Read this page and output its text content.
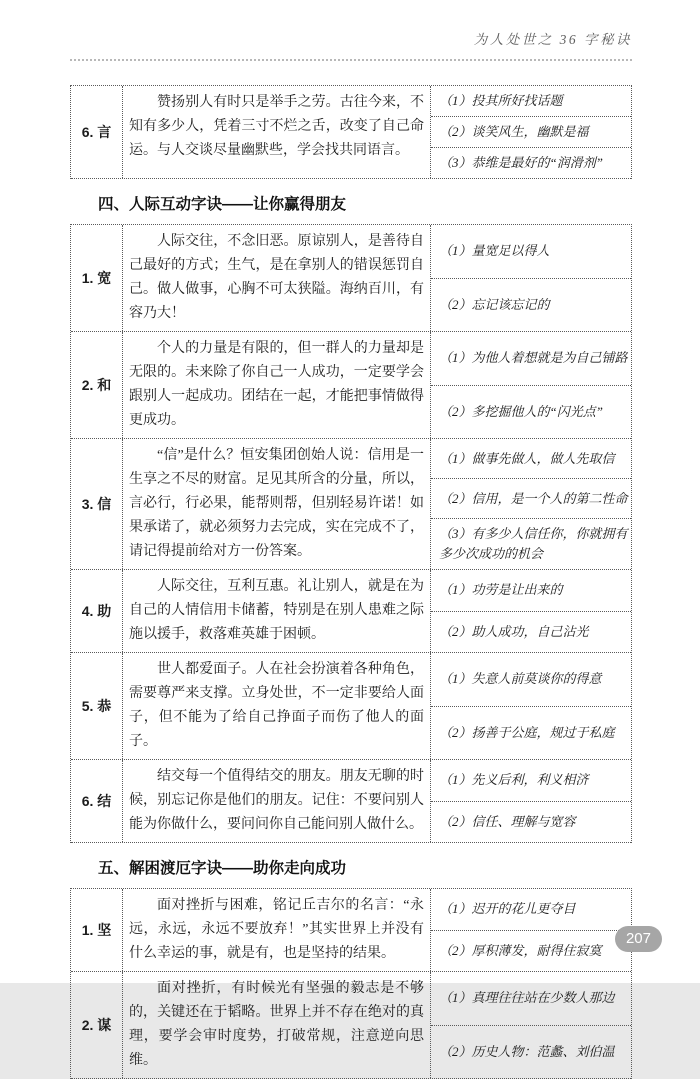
为人处世之 36 字秘诀
6. 言
赞扬别人有时只是举手之劳。古往今来，不知有多少人，凭着三寸不烂之舌，改变了自己命运。与人交谈尽量幽默些，学会找共同语言。
（1）投其所好找话题
（2）谈笑风生，幽默是福
（3）恭维是最好的“润滑剂”
四、人际互动字诀——让你赢得朋友
1. 宽
人际交往，不念旧恶。原谅别人，是善待自己最好的方式；生气，是在拿别人的错误惩罚自己。做人做事，心胸不可太狭隘。海纳百川，有容乃大！
（1）量宽足以得人
（2）忘记该忘记的
2. 和
个人的力量是有限的，但一群人的力量却是无限的。未来除了你自己一人成功，一定要学会跟别人一起成功。团结在一起，才能把事情做得更成功。
（1）为他人着想就是为自己铺路
（2）多挖掘他人的“闪光点”
3. 信
“信”是什么？恒安集团创始人说：信用是一生享之不尽的财富。足见其所含的分量，所以，言必行，行必果，能帮则帮，但别轻易许诺！如果承诺了，就必须努力去完成，实在完成不了，请记得提前给对方一份答案。
（1）做事先做人，做人先取信
（2）信用，是一个人的第二性命
（3）有多少人信任你，你就拥有多少次成功的机会
4. 助
人际交往，互利互惠。礼让别人，就是在为自己的人情信用卡储蓄，特别是在别人患难之际施以援手，救落难英雄于困顿。
（1）功劳是让出来的
（2）助人成功，自己沾光
5. 恭
世人都爱面子。人在社会扮演着各种角色，需要尊严来支撑。立身处世，不一定非要给人面子，但不能为了给自己挣面子而伤了他人的面子。
（1）失意人前莫谈你的得意
（2）扬善于公庭，规过于私庭
6. 结
结交每一个值得结交的朋友。朋友无聊的时候，别忘记你是他们的朋友。记住：不要问别人能为你做什么，要问问你自己能问别人做什么。
（1）先义后利，利义相济
（2）信任、理解与宽容
五、解困渡厄字诀——助你走向成功
1. 坚
面对挫折与困难，铭记丘吉尔的名言：“永远，永远，永远不要放弃！”其实世界上并没有什么幸运的事，就是有，也是坚持的结果。
（1）迟开的花儿更夺目
（2）厚积薄发，耐得住寂寞
2. 谋
面对挫折，有时候光有坚强的毅志是不够的，关键还在于韬略。世界上并不存在绝对的真理，要学会审时度势，打破常规，注意逆向思维。
（1）真理往往站在少数人那边
（2）历史人物：范蠡、刘伯温
207
